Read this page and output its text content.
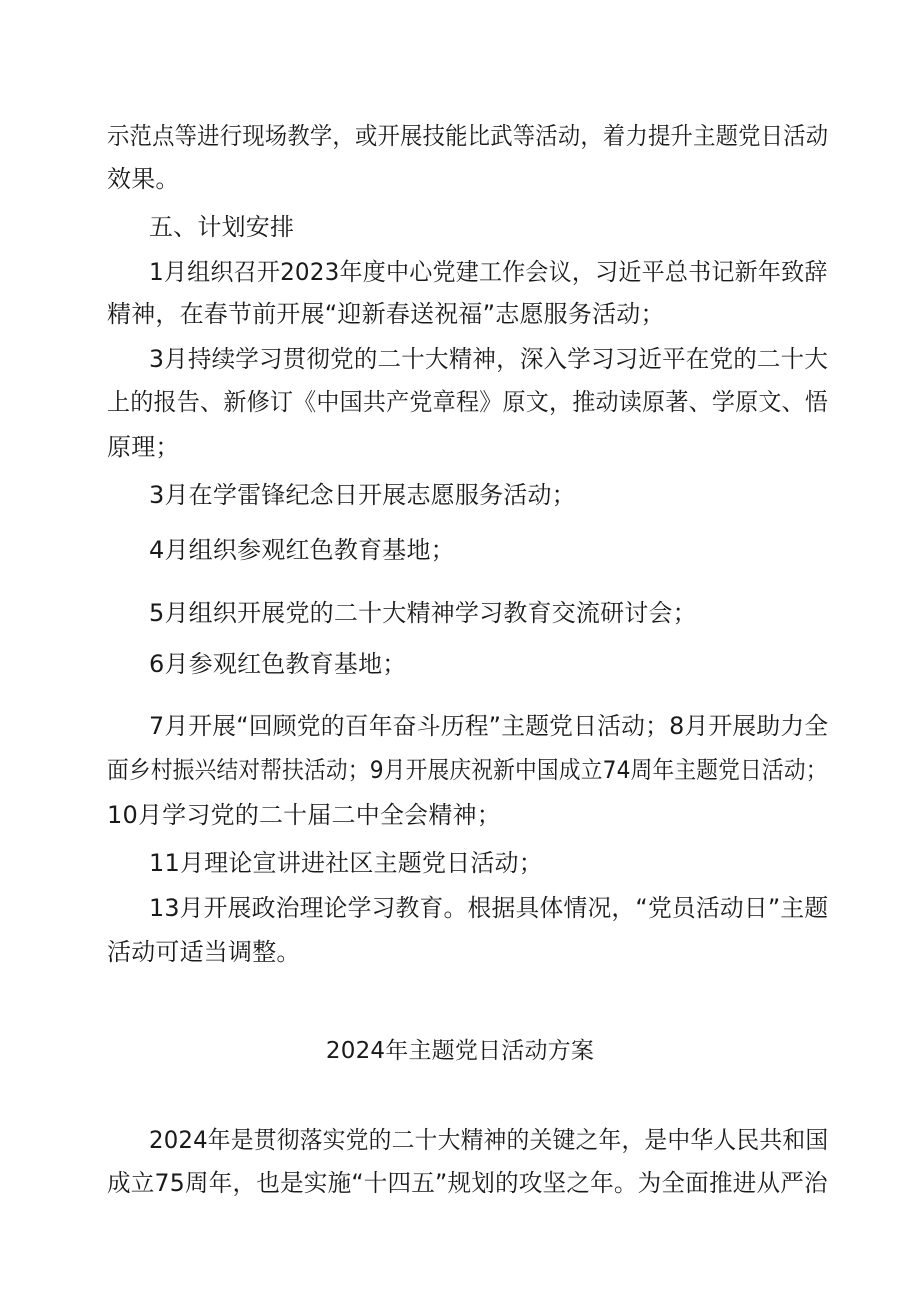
示范点等进行现场教学，或开展技能比武等活动，着力提升主题党日活动
效果。
五、计划安排
1月组织召开2023年度中心党建工作会议，习近平总书记新年致辞
精神，在春节前开展“迎新春送祝福”志愿服务活动；
3月持续学习贯彻党的二十大精神，深入学习习近平在党的二十大
上的报告、新修订《中国共产党章程》原文，推动读原著、学原文、悟
原理；
3月在学雷锋纪念日开展志愿服务活动；
4月组织参观红色教育基地；
5月组织开展党的二十大精神学习教育交流研讨会；
6月参观红色教育基地；
7月开展“回顾党的百年奋斗历程”主题党日活动；8月开展助力全
面乡村振兴结对帮扶活动；9月开展庆祝新中国成立74周年主题党日活动；
10月学习党的二十届二中全会精神；
11月理论宣讲进社区主题党日活动；
13月开展政治理论学习教育。根据具体情况，“党员活动日”主题
活动可适当调整。
2024年主题党日活动方案
2024年是贯彻落实党的二十大精神的关键之年，是中华人民共和国
成立75周年，也是实施“十四五”规划的攻坚之年。为全面推进从严治
